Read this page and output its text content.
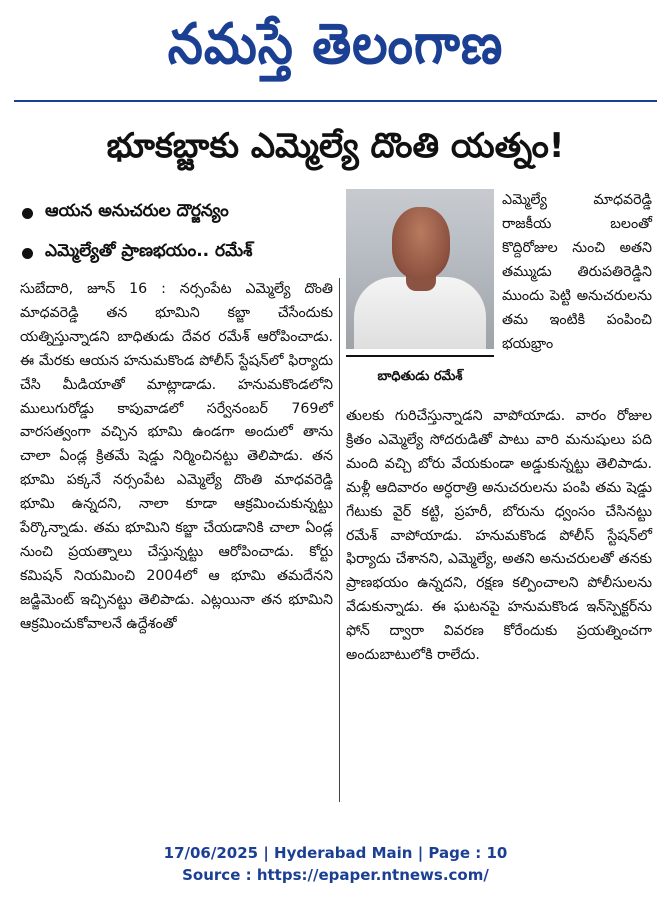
నమస్తే తెలంగాణ
భూకబ్జాకు ఎమ్మెల్యే దొంతి యత్నం!
ఆయన అనుచరుల దౌర్జన్యం
ఎమ్మెల్యేతో ప్రాణభయం.. రమేశ్
బాధితుడు రమేశ్

ఎమ్మెల్యే మాధవరెడ్డి రాజకీయ బలంతో కొద్దిరోజుల నుంచి అతని తమ్ముడు తిరుపతిరెడ్డిని ముందు పెట్టి అనుచరులను తమ ఇంటికి పంపించి భయభ్రాం

సుబేదారి, జూన్ 16 : నర్సంపేట ఎమ్మెల్యే దొంతి మాధవరెడ్డి తన భూమిని కబ్జా చేసేందుకు యత్నిస్తున్నాడని బాధితుడు దేవర రమేశ్ ఆరోపించాడు. ఈ మేరకు ఆయన హనుమకొండ పోలీస్ స్టేషన్‌లో ఫిర్యాదు చేసి మీడియాతో మాట్లాడాడు. హనుమకొండలోని ములుగురోడ్డు కాపువాడలో సర్వేనంబర్ 769లో వారసత్వంగా వచ్చిన భూమి ఉండగా అందులో తాను చాలా ఏండ్ల క్రితమే షెడ్డు నిర్మించినట్టు తెలిపాడు. తన భూమి పక్కనే నర్సంపేట ఎమ్మెల్యే దొంతి మాధవరెడ్డి భూమి ఉన్నదని, నాలా కూడా ఆక్రమించుకున్నట్టు పేర్కొన్నాడు. తమ భూమిని కబ్జా చేయడానికి చాలా ఏండ్ల నుంచి ప్రయత్నాలు చేస్తున్నట్టు ఆరోపించాడు. కోర్టు కమిషన్ నియమించి 2004లో ఆ భూమి తమదేనని జడ్జిమెంట్ ఇచ్చినట్టు తెలిపాడు. ఎట్లయినా తన భూమిని ఆక్రమించుకోవాలనే ఉద్దేశంతో

తులకు గురిచేస్తున్నాడని వాపోయాడు. వారం రోజుల క్రితం ఎమ్మెల్యే సోదరుడితో పాటు వారి మనుషులు పది మంది వచ్చి బోరు వేయకుండా అడ్డుకున్నట్టు తెలిపాడు. మళ్లీ ఆదివారం అర్ధరాత్రి అనుచరులను పంపి తమ షెడ్డు గేటుకు వైర్ కట్టి, ప్రహరీ, బోరును ధ్వంసం చేసినట్టు రమేశ్ వాపోయాడు. హనుమకొండ పోలీస్ స్టేషన్‌లో ఫిర్యాదు చేశానని, ఎమ్మెల్యే, అతని అనుచరులతో తనకు ప్రాణభయం ఉన్నదని, రక్షణ కల్పించాలని పోలీసులను వేడుకున్నాడు. ఈ ఘటనపై హనుమకొండ ఇన్‌స్పెక్టర్‌ను ఫోన్ ద్వారా వివరణ కోరేందుకు ప్రయత్నించగా అందుబాటులోకి రాలేదు.

17/06/2025 | Hyderabad Main | Page : 10
Source : https://epaper.ntnews.com/
